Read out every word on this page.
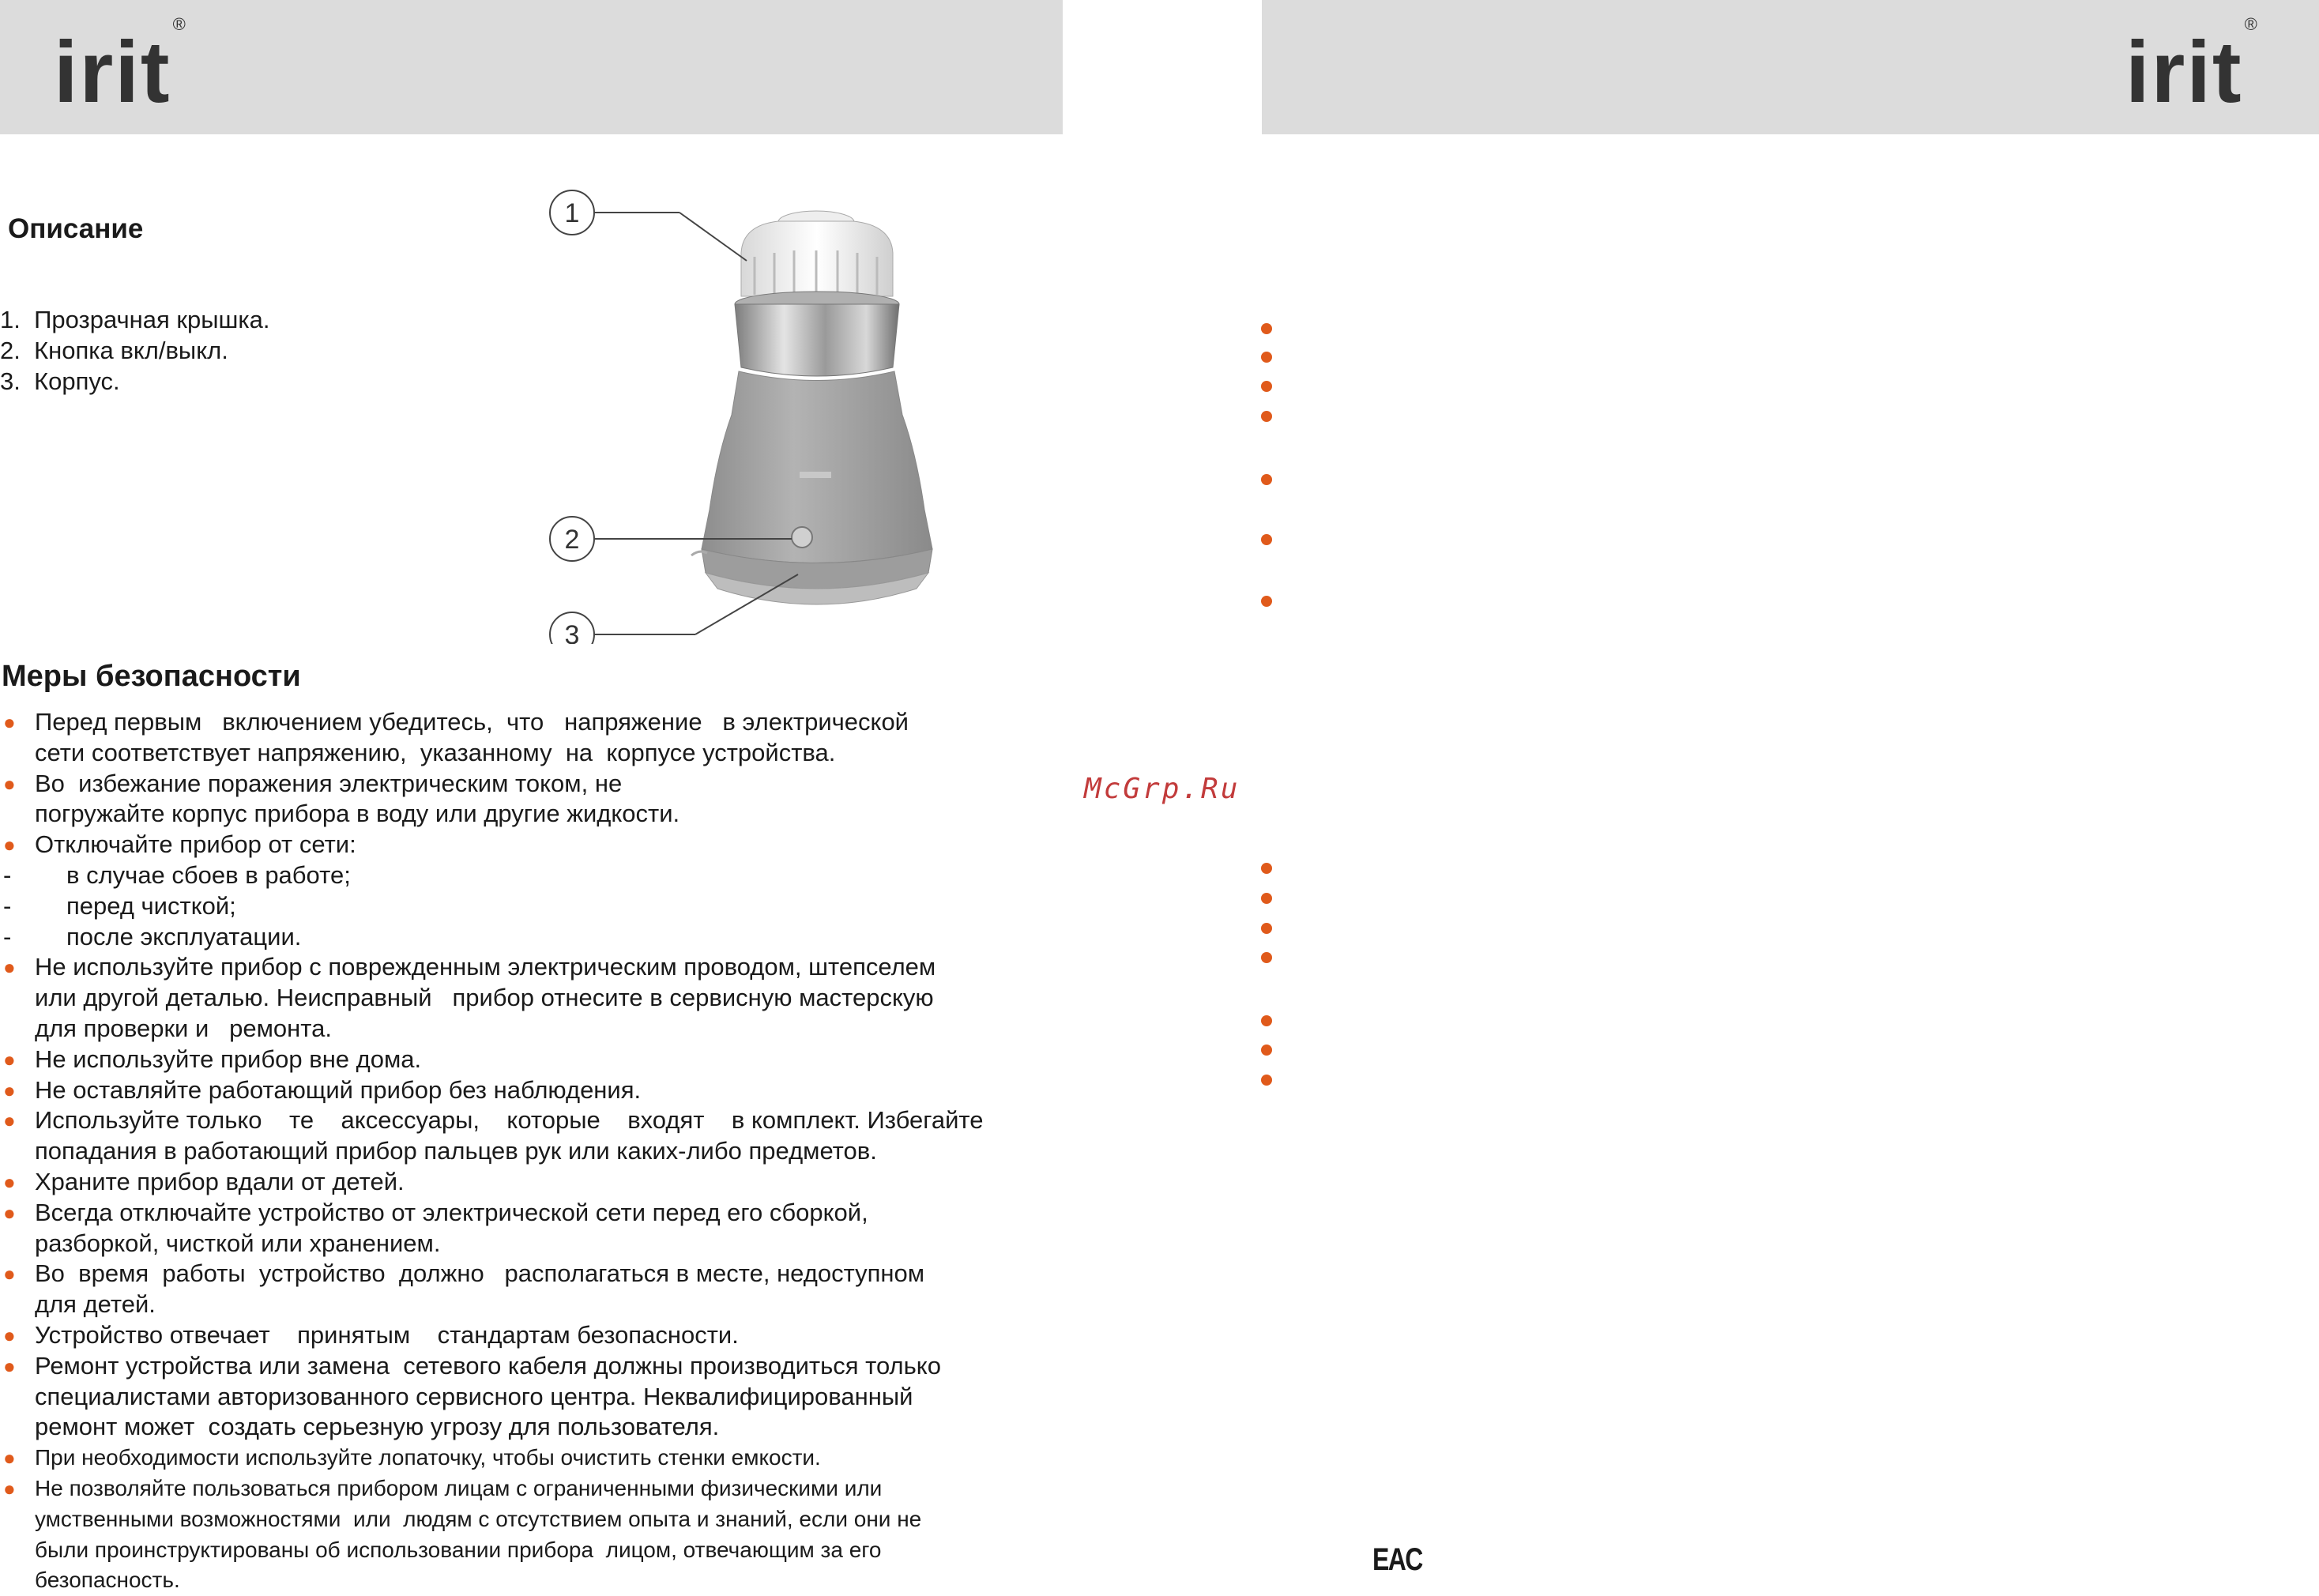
irit®	irit®
Описание
1.  Прозрачная крышка.
2.  Кнопка вкл/выкл.
3.  Корпус.
1
2
3
Меры безопасности
● Перед первым   включением убедитесь,  что   напряжение   в электрической
сети соответствует напряжению,  указанному  на  корпусе устройства.
● Во  избежание поражения электрическим током, не
погружайте корпус прибора в воду или другие жидкости.
● Отключайте прибор от сети:
- в случае сбоев в работе;
- перед чисткой;
- после эксплуатации.
● Не используйте прибор с поврежденным электрическим проводом, штепселем
или другой деталью. Неисправный   прибор отнесите в сервисную мастерскую
для проверки и   ремонта.
● Не используйте прибор вне дома.
● Не оставляйте работающий прибор без наблюдения.
● Используйте только    те    аксессуары,    которые    входят    в комплект. Избегайте
попадания в работающий прибор пальцев рук или каких-либо предметов.
● Храните прибор вдали от детей.
● Всегда отключайте устройство от электрической сети перед его сборкой,
разборкой, чисткой или хранением.
● Во  время  работы  устройство  должно   располагаться в месте, недоступном
для детей.
● Устройство отвечает    принятым    стандартам безопасности.
● Ремонт устройства или замена  сетевого кабеля должны производиться только
специалистами авторизованного сервисного центра. Неквалифицированный
ремонт может  создать серьезную угрозу для пользователя.
● При необходимости используйте лопаточку, чтобы очистить стенки емкости.
● Не позволяйте пользоваться прибором лицам с ограниченными физическими или
умственными возможностями  или  людям с отсутствием опыта и знаний, если они не
были проинструктированы об использовании прибора  лицом, отвечающим за его
безопасность.
McGrp.Ru
EAC
